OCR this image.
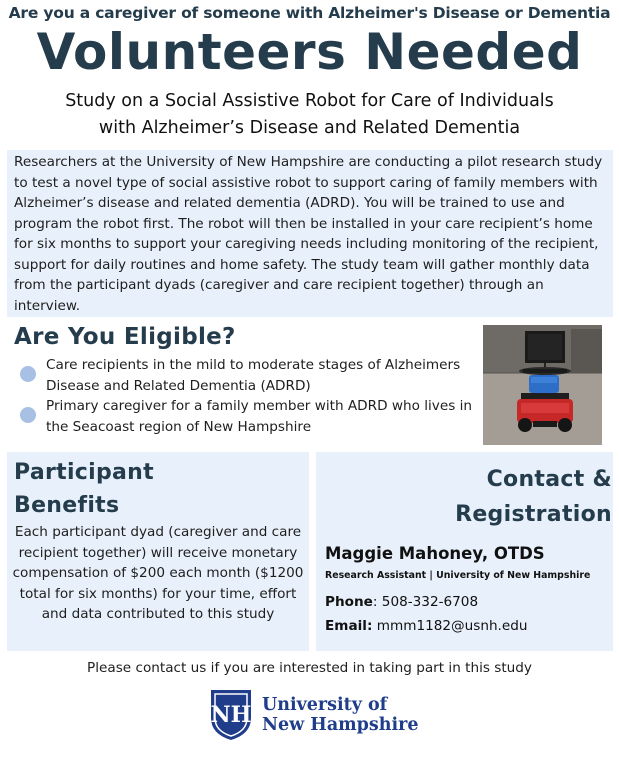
Are you a caregiver of someone with Alzheimer's Disease or Dementia
Volunteers Needed
Study on a Social Assistive Robot for Care of Individuals
with Alzheimer’s Disease and Related Dementia
Researchers at the University of New Hampshire are conducting a pilot research study to test a novel type of social assistive robot to support caring of family members with Alzheimer’s disease and related dementia (ADRD). You will be trained to use and program the robot first. The robot will then be installed in your care recipient’s home for six months to support your caregiving needs including monitoring of the recipient, support for daily routines and home safety. The study team will gather monthly data from the participant dyads (caregiver and care recipient together) through an interview.
Are You Eligible?
Care recipients in the mild to moderate stages of Alzheimers Disease and Related Dementia (ADRD)
Primary caregiver for a family member with ADRD who lives in the Seacoast region of New Hampshire
Participant
Benefits
Each participant dyad (caregiver and care recipient together) will receive monetary compensation of $200 each month ($1200 total for six months) for your time, effort and data contributed to this study
Contact &
Registration
Maggie Mahoney, OTDS
Research Assistant | University of New Hampshire
Phone: 508-332-6708
Email: mmm1182@usnh.edu
Please contact us if you are interested in taking part in this study
NH University of
New Hampshire
